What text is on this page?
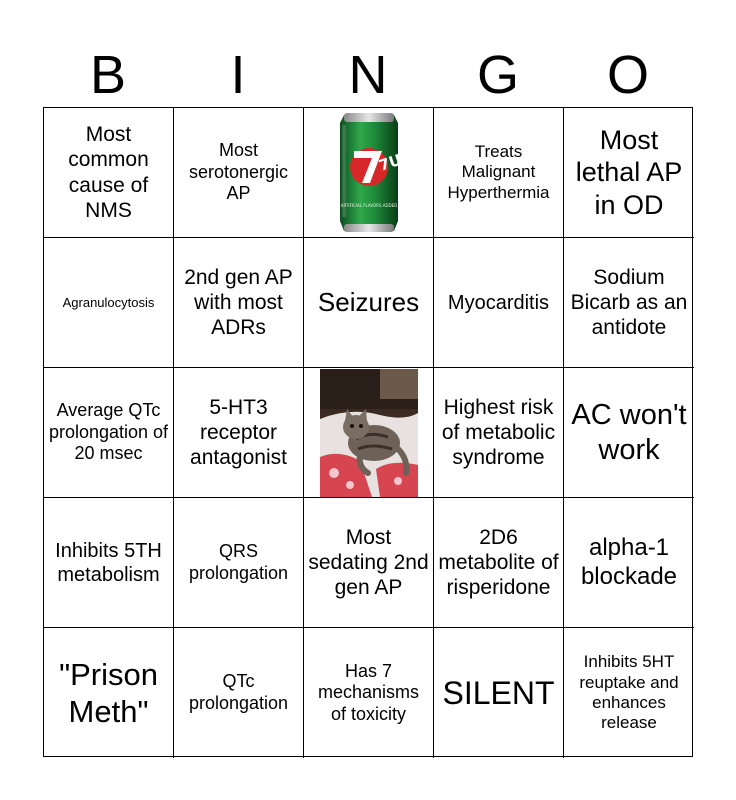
B	I	N	G	O
Most common cause of NMS
Most serotonergic AP
7UP
ARTIFICIAL FLAVORS ADDED
Treats Malignant Hyperthermia
Most lethal AP in OD
Agranulocytosis
2nd gen AP with most ADRs
Seizures Myocarditis
Sodium Bicarb as an antidote
Average QTc prolongation of 20 msec
5-HT3 receptor antagonist
Highest risk of metabolic syndrome
AC won't work
Inhibits 5TH metabolism
QRS prolongation
Most sedating 2nd gen AP
2D6 metabolite of risperidone
alpha-1 blockade
"Prison Meth"
QTc prolongation
Has 7 mechanisms of toxicity
SILENT
Inhibits 5HT reuptake and enhances release
